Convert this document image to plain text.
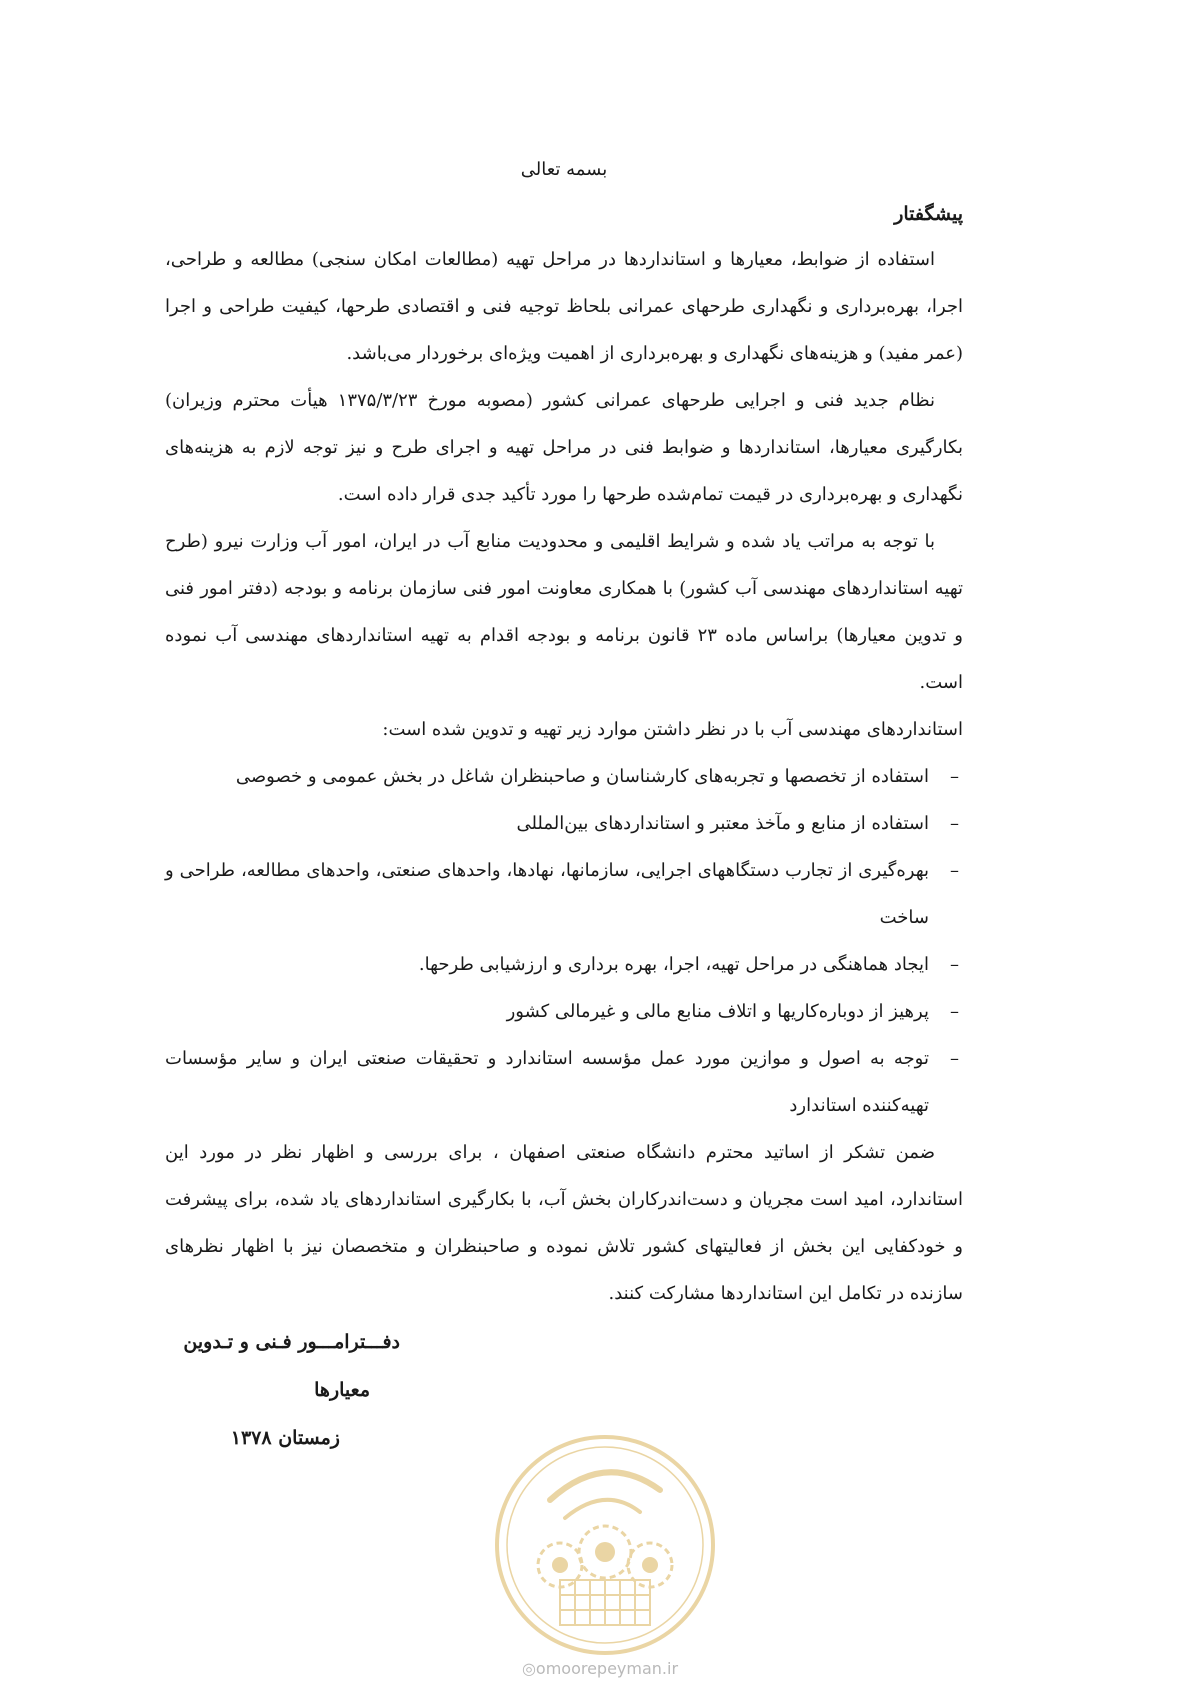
بسمه تعالی
پیشگفتار

استفاده از ضوابط، معیارها و استانداردها در مراحل تهیه (مطالعات امکان سنجی) مطالعه و طراحی، اجرا، بهره‌برداری و نگهداری طرحهای عمرانی بلحاظ توجیه فنی و اقتصادی طرحها، کیفیت طراحی و اجرا (عمر مفید) و هزینه‌های نگهداری و بهره‌برداری از اهمیت ویژه‌ای برخوردار می‌باشد.

نظام جدید فنی و اجرایی طرحهای عمرانی کشور (مصوبه مورخ ۱۳۷۵/۳/۲۳ هیأت محترم وزیران) بکارگیری معیارها، استانداردها و ضوابط فنی در مراحل تهیه و اجرای طرح و نیز توجه لازم به هزینه‌های نگهداری و بهره‌برداری در قیمت تمام‌شده طرحها را مورد تأکید جدی قرار داده است.

با توجه به مراتب یاد شده و شرایط اقلیمی و محدودیت منابع آب در ایران، امور آب وزارت نیرو (طرح تهیه استانداردهای مهندسی آب کشور) با همکاری معاونت امور فنی سازمان برنامه و بودجه (دفتر امور فنی و تدوین معیارها) براساس ماده ۲۳ قانون برنامه و بودجه اقدام به تهیه استانداردهای مهندسی آب نموده است.

استانداردهای مهندسی آب با در نظر داشتن موارد زیر تهیه و تدوین شده است:

–
استفاده از تخصصها و تجربه‌های کارشناسان و صاحبنظران شاغل در بخش عمومی و خصوصی
–
استفاده از منابع و مآخذ معتبر و استانداردهای بین‌المللی
–
بهره‌گیری از تجارب دستگاههای اجرایی، سازمانها، نهادها، واحدهای صنعتی، واحدهای مطالعه، طراحی و ساخت
–
ایجاد هماهنگی در مراحل تهیه، اجرا، بهره برداری و ارزشیابی طرحها.
–
پرهیز از دوباره‌کاریها و اتلاف منابع مالی و غیرمالی کشور
–
توجه به اصول و موازین مورد عمل مؤسسه استاندارد و تحقیقات صنعتی ایران و سایر مؤسسات تهیه‌کننده استاندارد

ضمن تشکر از اساتید محترم دانشگاه صنعتی اصفهان ، برای بررسی و اظهار نظر در مورد این استاندارد، امید است مجریان و دست‌اندرکاران بخش آب، با بکارگیری استانداردهای یاد شده، برای پیشرفت و خودکفایی این بخش از فعالیتهای کشور تلاش نموده و صاحبنظران و متخصصان نیز با اظهار نظرهای سازنده در تکامل این استانداردها مشارکت کنند.

دفـــترامـــور فـنی و تـدوین
معیارها
زمستان ۱۳۷۸
◎omoorepeyman.ir
